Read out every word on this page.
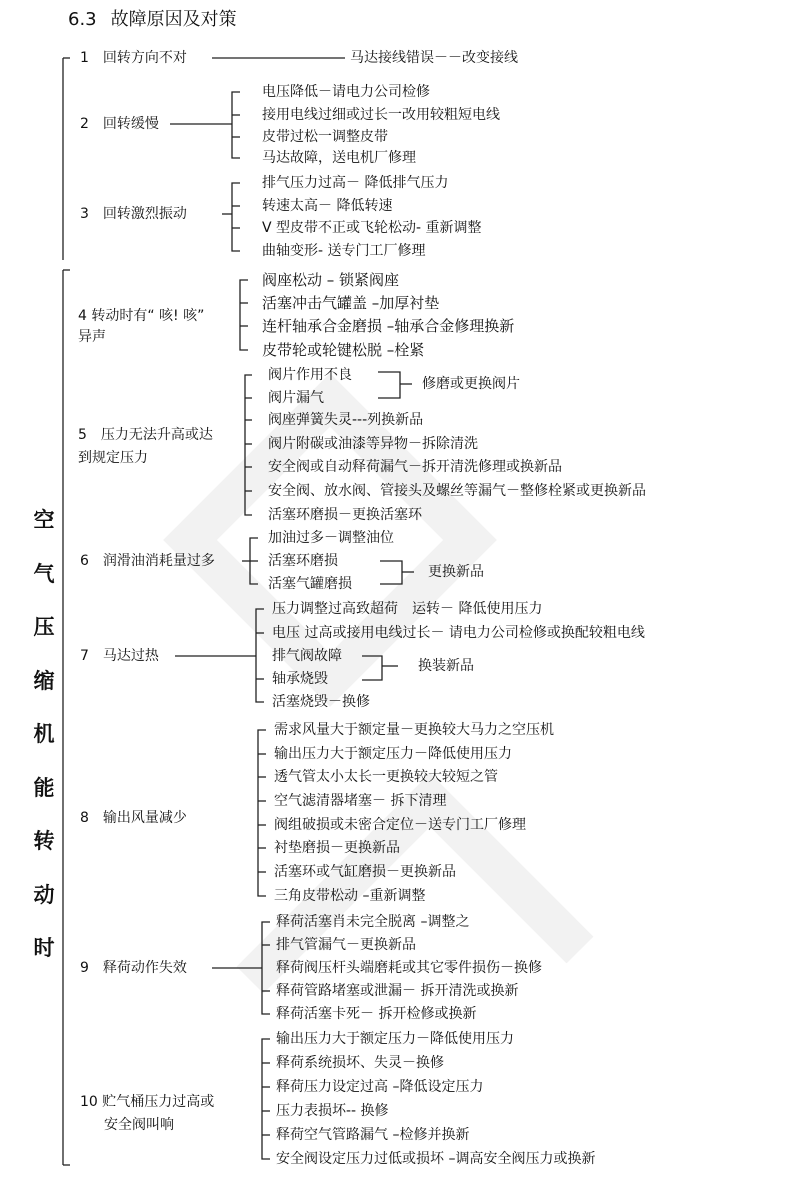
6.3 故障原因及对策
空
气
压
缩
机
能
转
动
时
1　回转方向不对	马达接线错误－－改变接线
2　回转缓慢
电压降低－请电力公司检修
接用电线过细或过长一改用较粗短电线
皮带过松一调整皮带
马达故障，送电机厂修理
3　回转激烈振动
排气压力过高－ 降低排气压力
转速太高－ 降低转速
V 型皮带不正或飞轮松动- 重新调整
曲轴变形- 送专门工厂修理
4 转动时有“ 咳! 咳”
异声
阀座松动 – 锁紧阀座
活塞冲击气罐盖 –加厚衬垫
连杆轴承合金磨损 –轴承合金修理换新
皮带轮或轮键松脱 –栓紧
5　压力无法升高或达
到规定压力
阀片作用不良
阀片漏气
阀座弹簧失灵---列换新品
阀片附碳或油漆等异物－拆除清洗
安全阀或自动释荷漏气－拆开清洗修理或换新品
安全阀、放水阀、管接头及螺丝等漏气－整修栓紧或更换新品
活塞环磨损－更换活塞环
修磨或更换阀片
6　润滑油消耗量过多
加油过多－调整油位
活塞环磨损
活塞气罐磨损
更换新品
7　马达过热
压力调整过高致超荷　运转－ 降低使用压力
电压 过高或接用电线过长－ 请电力公司检修或换配较粗电线
排气阀故障
轴承烧毁
活塞烧毁－换修
换装新品
8　输出风量减少
需求风量大于额定量－更换较大马力之空压机
输出压力大于额定压力－降低使用压力
透气管太小太长一更换较大较短之管
空气滤清器堵塞－ 拆下清理
阀组破损或未密合定位－送专门工厂修理
衬垫磨损－更换新品
活塞环或气缸磨损－更换新品
三角皮带松动 –重新调整
9　释荷动作失效
释荷活塞肖未完全脱离 –调整之
排气管漏气－更换新品
释荷阀压杆头端磨耗或其它零件损伤－换修
释荷管路堵塞或泄漏－ 拆开清洗或换新
释荷活塞卡死－ 拆开检修或换新
10 贮气桶压力过高或
安全阀叫响
输出压力大于额定压力－降低使用压力
释荷系统损坏、失灵－换修
释荷压力设定过高 –降低设定压力
压力表损坏-- 换修
释荷空气管路漏气 –检修并换新
安全阀设定压力过低或损坏 –调高安全阀压力或换新
